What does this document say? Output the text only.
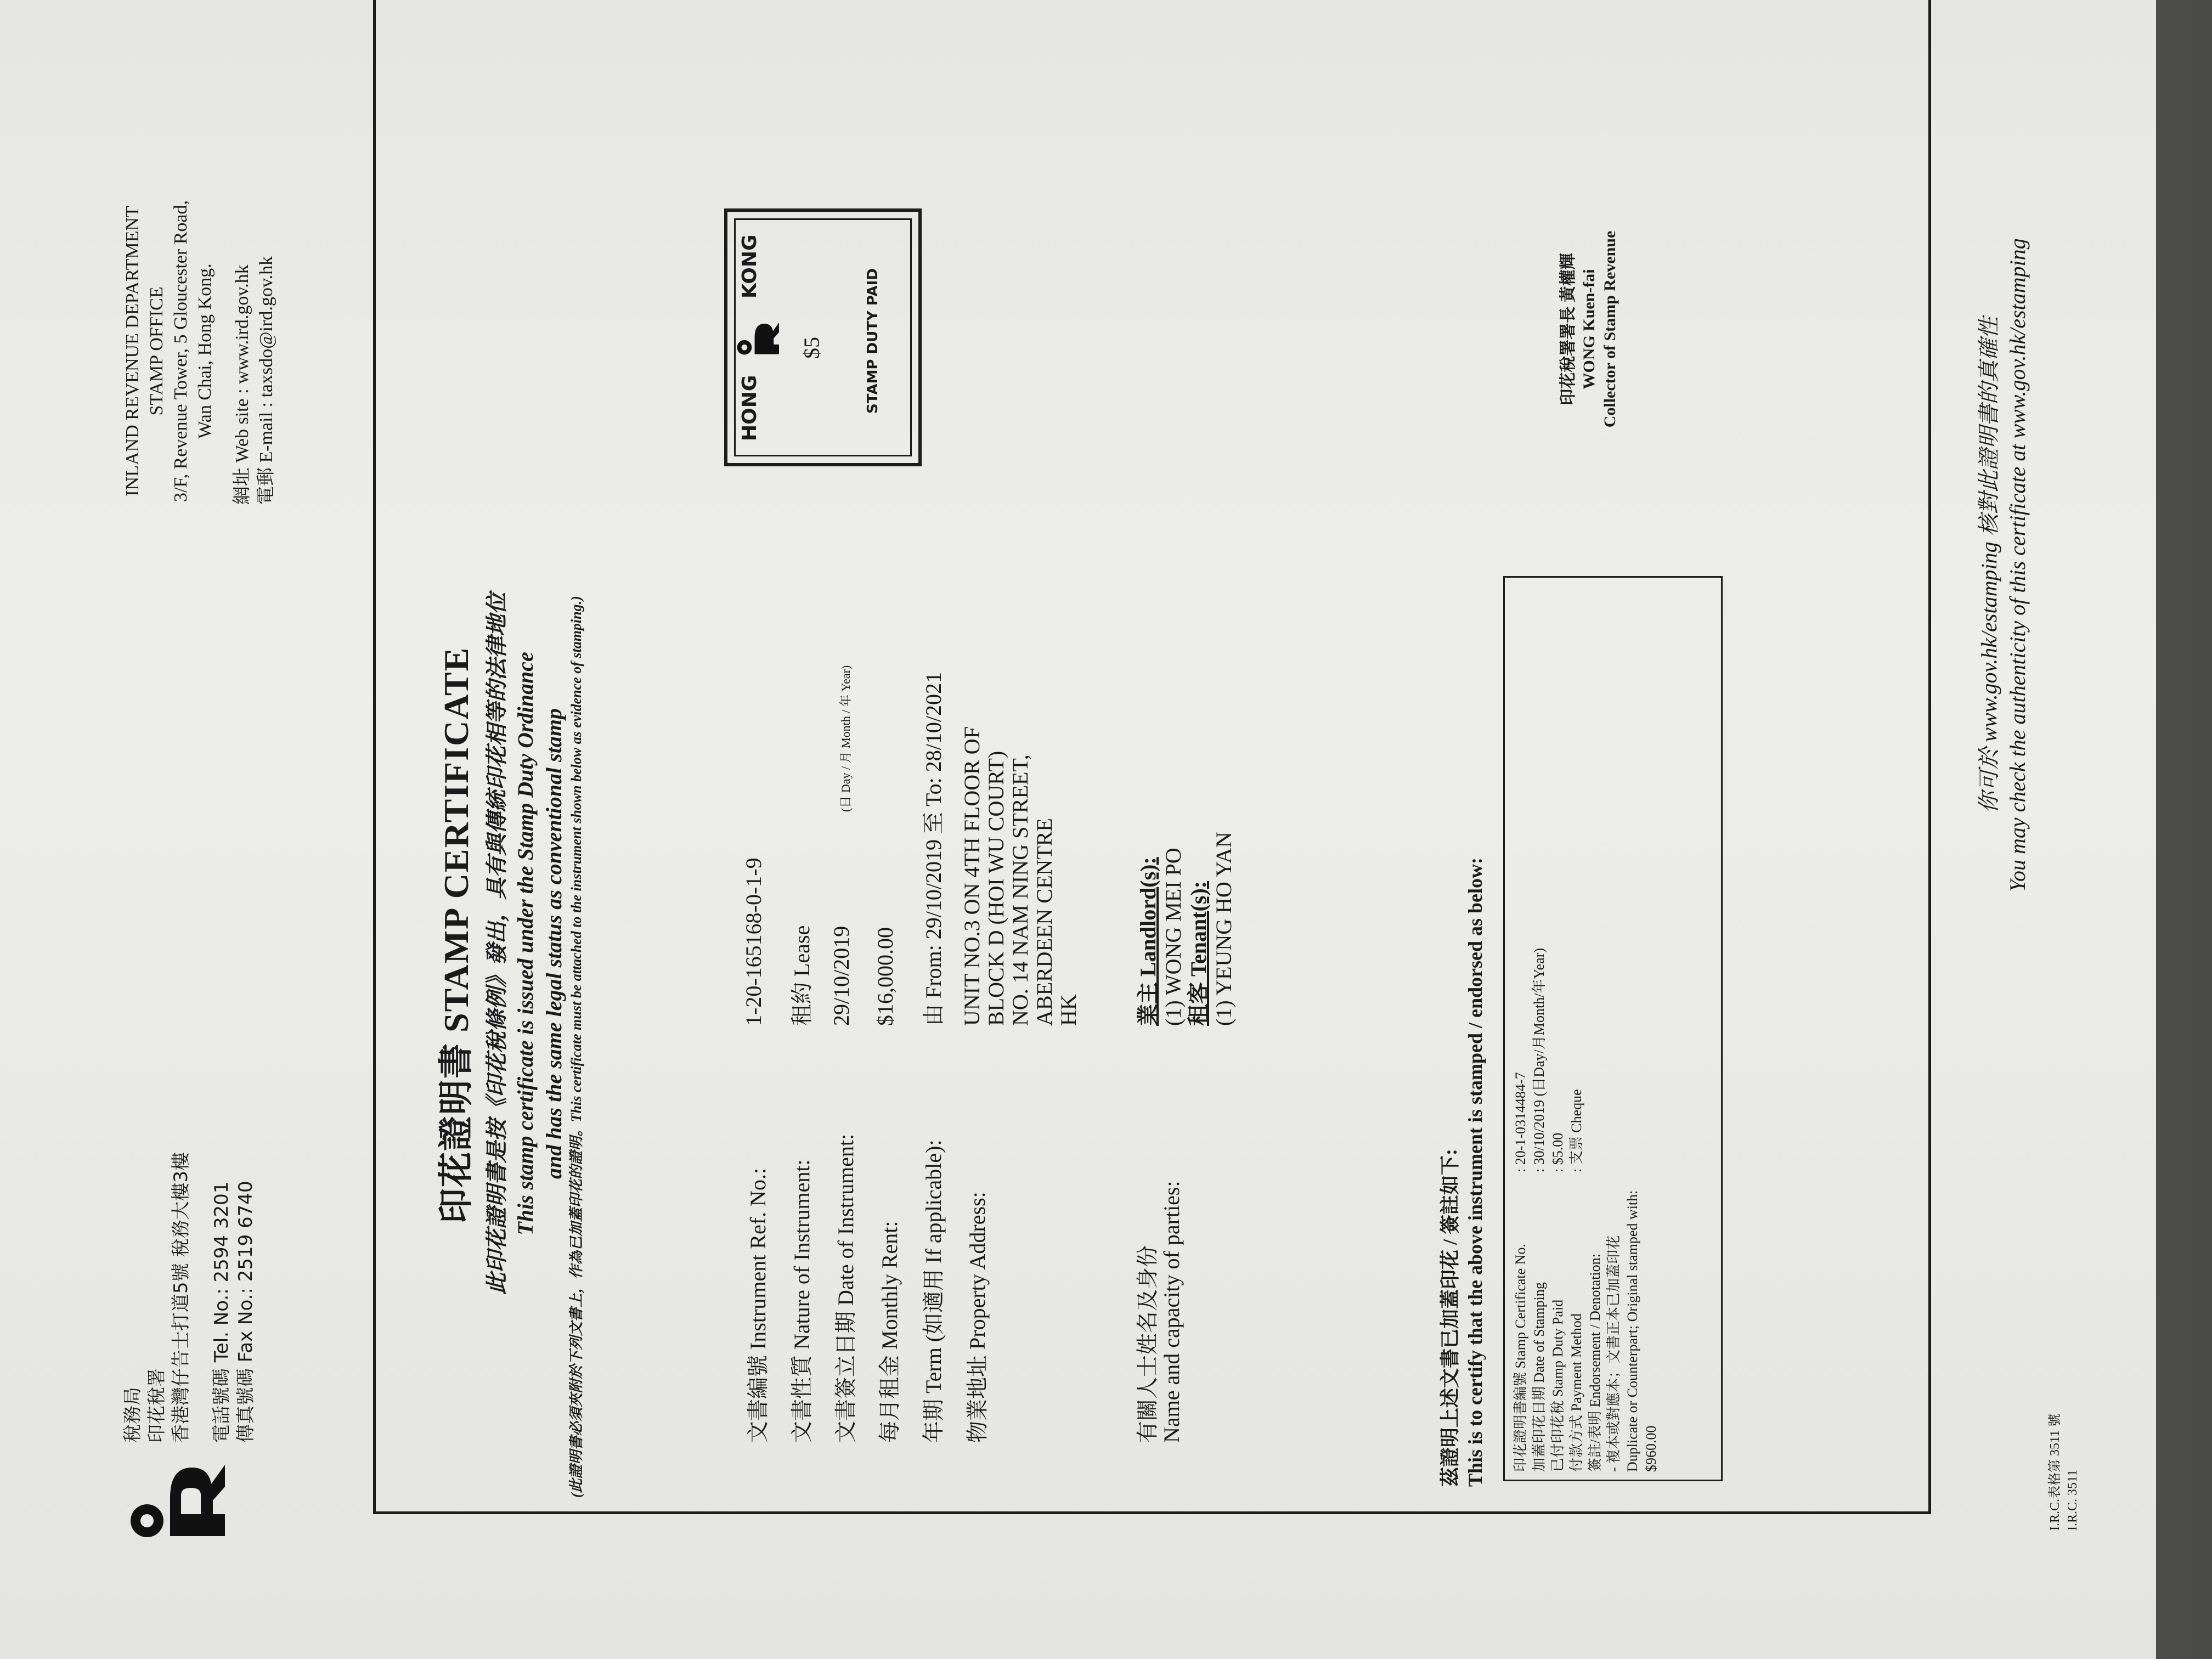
稅務局 印花稅署 香港灣仔告士打道5號 稅務大樓3樓 電話號碼 Tel. No.: 2594 3201 傳真號碼 Fax No.: 2519 6740
INLAND REVENUE DEPARTMENT STAMP OFFICE 3/F, Revenue Tower, 5 Gloucester Road, Wan Chai, Hong Kong. 網址 Web site : www.ird.gov.hk 電郵 E-mail : taxsdo@ird.gov.hk
印花證明書 STAMP CERTIFICATE 此印花證明書是按《印花稅條例》發出，具有與傳統印花相等的法律地位 This stamp certificate is issued under the Stamp Duty Ordinance and has the same legal status as conventional stamp (此證明書必須夾附於下列文書上，作為已加蓋印花的證明。This certificate must be attached to the instrument shown below as evidence of stamping.)
HONG
KONG
$5	STAMP DUTY PAID
文書編號 Instrument Ref. No.:
1-20-165168-0-1-9
文書性質 Nature of Instrument:
租約 Lease
文書簽立日期 Date of Instrument:
29/10/2019
(日 Day / 月 Month / 年 Year)
每月租金 Monthly Rent:
$16,000.00
年期 Term (如適用 If applicable):
由 From: 29/10/2019 至 To: 28/10/2021
物業地址 Property Address:
UNIT NO.3 ON 4TH FLOOR OF BLOCK D (HOI WU COURT) NO. 14 NAM NING STREET, ABERDEEN CENTRE HK
有關人士姓名及身份 Name and capacity of parties:
業主 Landlord(s): (1) WONG MEI PO 租客 Tenant(s): (1) YEUNG HO YAN
茲證明上述文書已加蓋印花 / 簽註如下: This is to certify that the above instrument is stamped / endorsed as below: 印花證明書編號 Stamp Certificate No.
: 20-1-0314484-7
加蓋印花日期 Date of Stamping
: 30/10/2019 (日Day/月Month/年Year)
已付印花稅 Stamp Duty Paid
: $5.00
付款方式 Payment Method
: 支票 Cheque
簽註/表明 Endorsement / Denotation: - 複本或對應本；文書正本已加蓋印花 Duplicate or Counterpart; Original stamped with: $960.00
印花稅署署長 黃權輝 WONG Kuen-fai Collector of Stamp Revenue	你可於 www.gov.hk/estamping 核對此證明書的真確性 You may check the authenticity of this certificate at www.gov.hk/estamping
I.R.C.表格第 3511 號 I.R.C. 3511
